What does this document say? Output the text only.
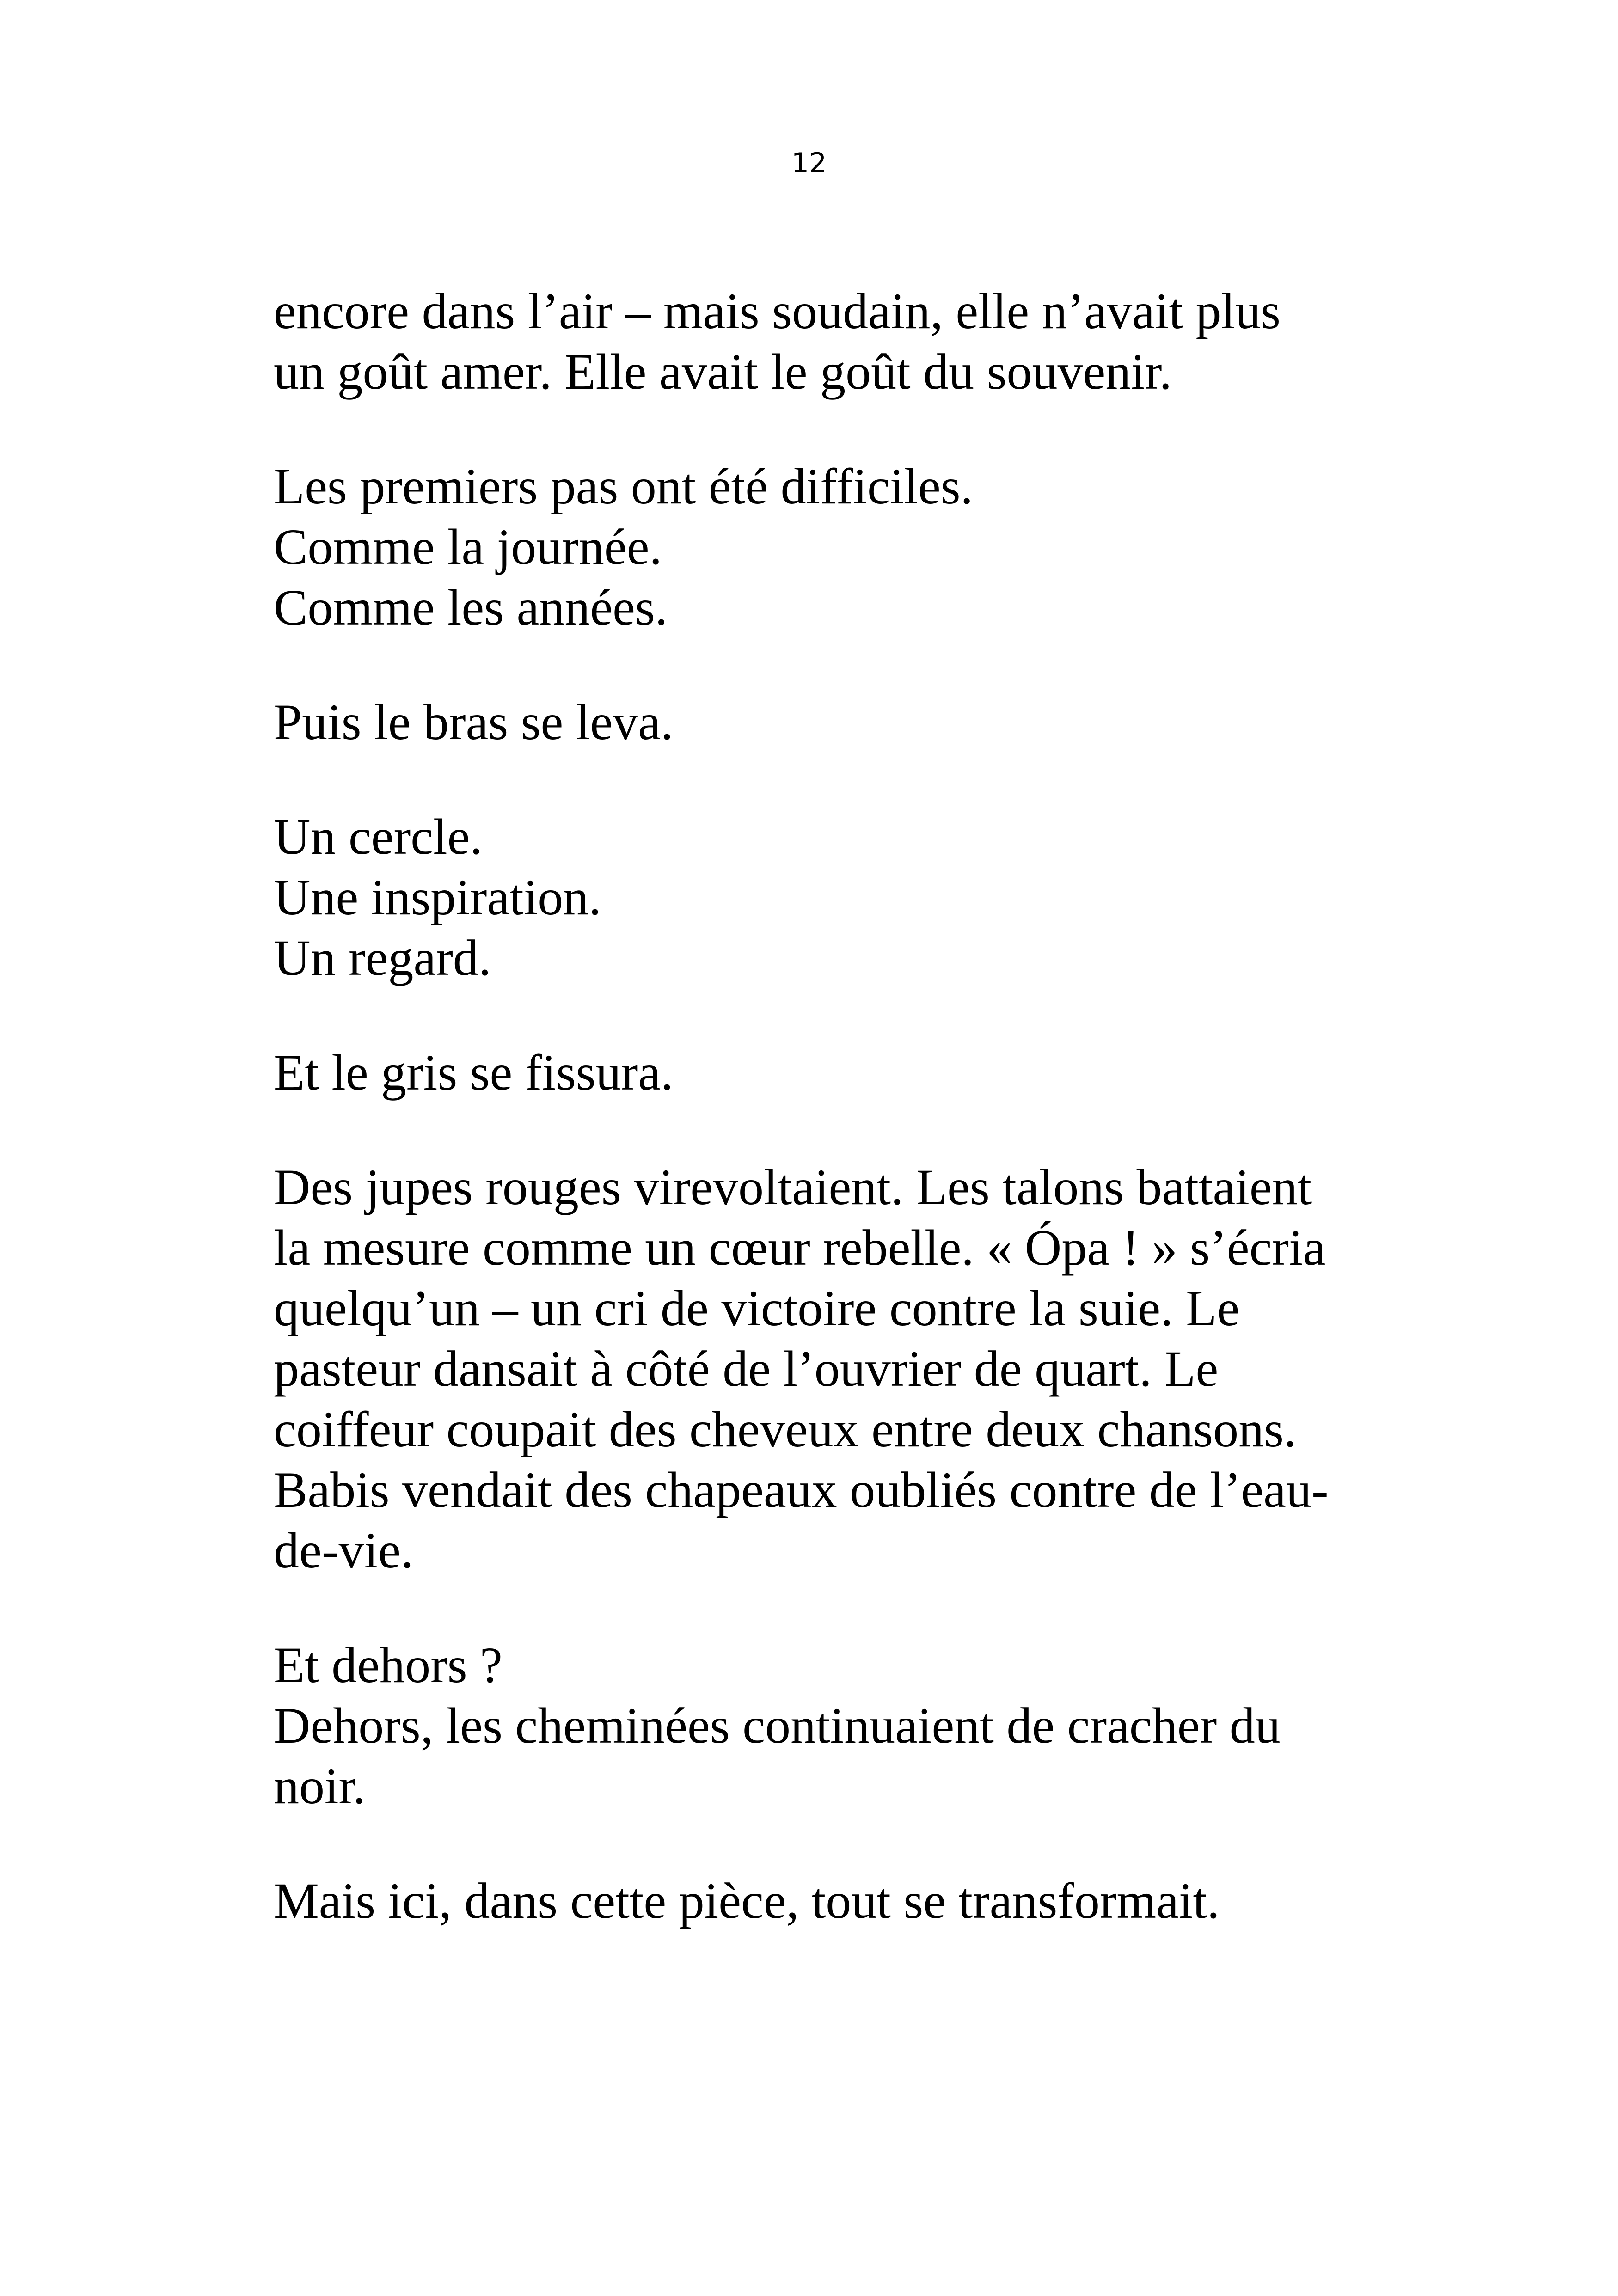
12

encore dans l’air – mais soudain, elle n’avait plus
un goût amer. Elle avait le goût du souvenir.

Les premiers pas ont été difficiles.
Comme la journée.
Comme les années.

Puis le bras se leva.

Un cercle.
Une inspiration.
Un regard.

Et le gris se fissura.

Des jupes rouges virevoltaient. Les talons battaient
la mesure comme un cœur rebelle. « Ópa ! » s’écria
quelqu’un – un cri de victoire contre la suie. Le
pasteur dansait à côté de l’ouvrier de quart. Le
coiffeur coupait des cheveux entre deux chansons.
Babis vendait des chapeaux oubliés contre de l’eau-
de-vie.

Et dehors ?
Dehors, les cheminées continuaient de cracher du
noir.

Mais ici, dans cette pièce, tout se transformait.
